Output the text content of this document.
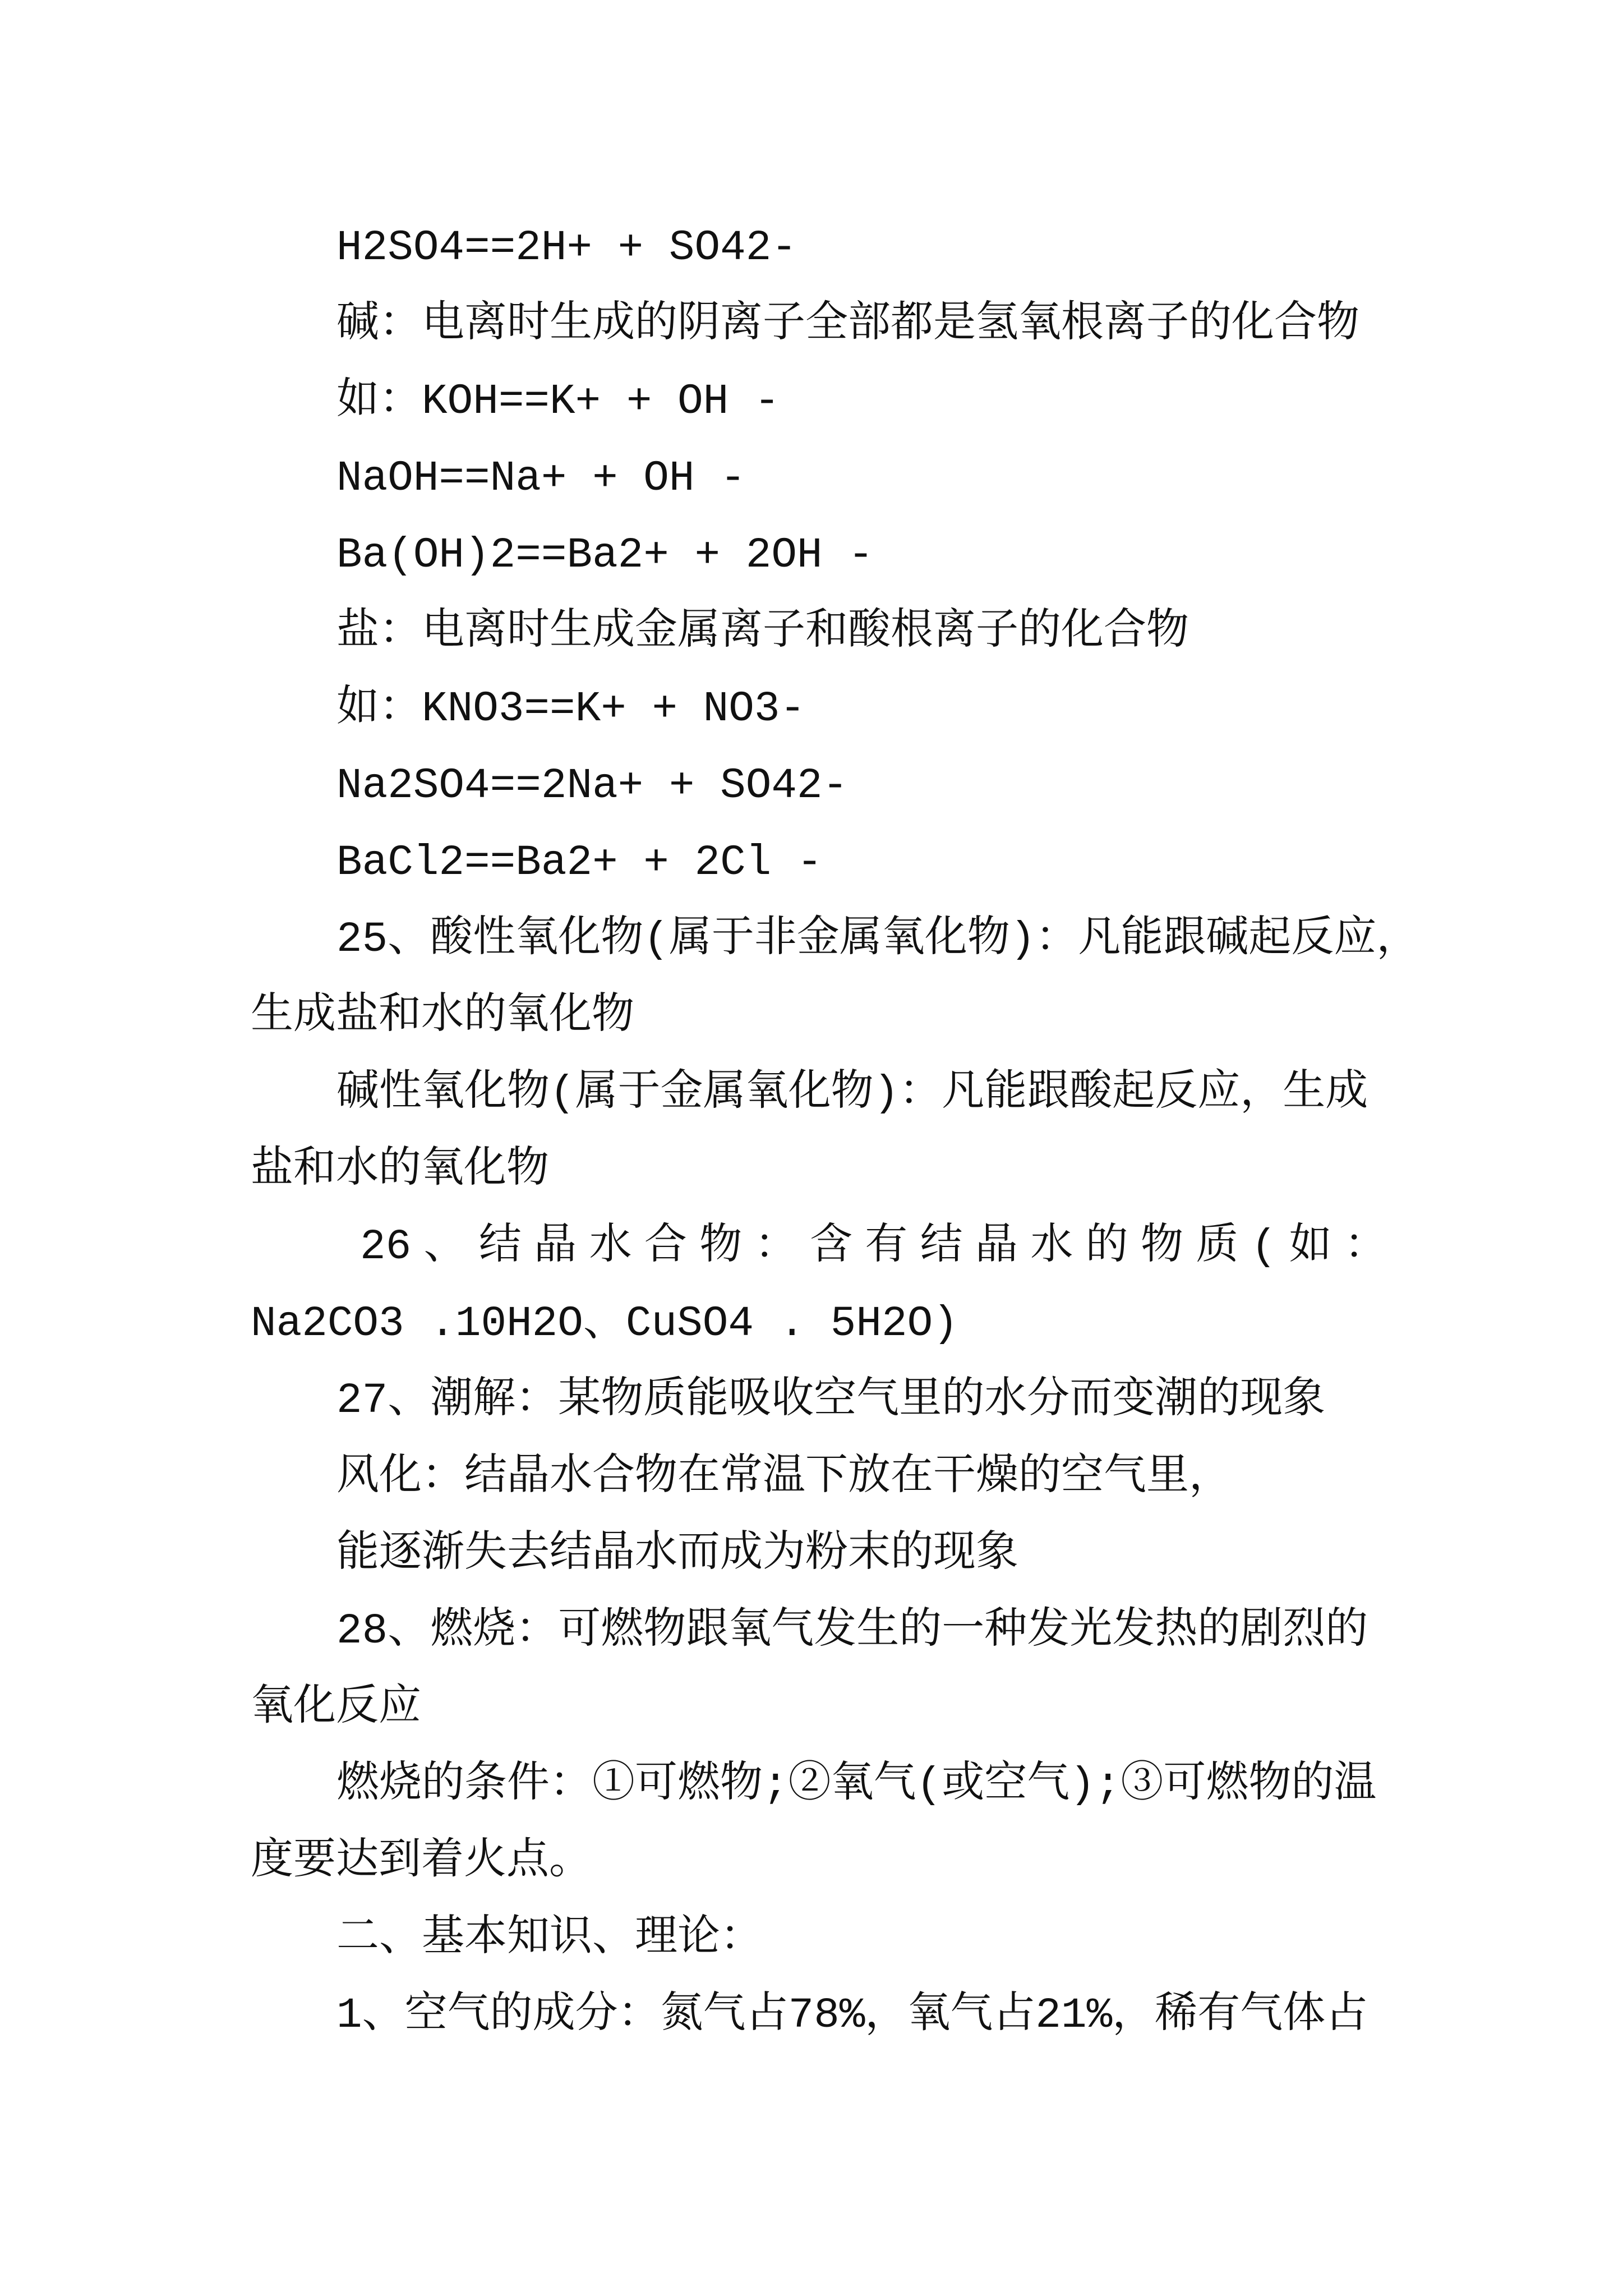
H2SO4==2H+ + SO42-
碱：电离时生成的阴离子全部都是氢氧根离子的化合物
如：KOH==K+ + OH -
NaOH==Na+ + OH -
Ba(OH)2==Ba2+ + 2OH -
盐：电离时生成金属离子和酸根离子的化合物
如：KNO3==K+ + NO3-
Na2SO4==2Na+ + SO42-
BaCl2==Ba2+ + 2Cl -
25、酸性氧化物(属于非金属氧化物)：凡能跟碱起反应，
生成盐和水的氧化物
碱性氧化物(属于金属氧化物)：凡能跟酸起反应，生成
盐和水的氧化物
26、结晶水合物：含有结晶水的物质(如：
Na2CO3 .10H2O、CuSO4 . 5H2O)
27、潮解：某物质能吸收空气里的水分而变潮的现象
风化：结晶水合物在常温下放在干燥的空气里，
能逐渐失去结晶水而成为粉末的现象
28、燃烧：可燃物跟氧气发生的一种发光发热的剧烈的
氧化反应
燃烧的条件：①可燃物;②氧气(或空气);③可燃物的温
度要达到着火点。
二、基本知识、理论：
1、空气的成分：氮气占78%，氧气占21%，稀有气体占
